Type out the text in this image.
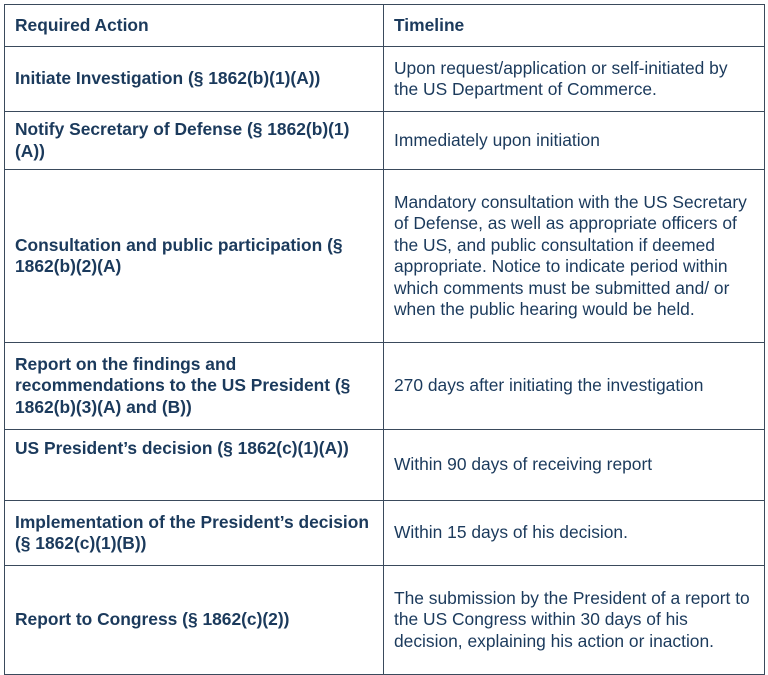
Required Action	Timeline
Initiate Investigation (§ 1862(b)(1)(A))	Upon request/application or self-initiated by the US Department of Commerce.
Notify Secretary of Defense (§ 1862(b)(1)(A))	Immediately upon initiation
Consultation and public participation (§ 1862(b)(2)(A)	Mandatory consultation with the US Secretary of Defense, as well as appropriate officers of the US, and public consultation if deemed appropriate. Notice to indicate period within which comments must be submitted and/ or when the public hearing would be held.
Report on the findings and recommendations to the US President (§ 1862(b)(3)(A) and (B))	270 days after initiating the investigation
US President’s decision (§ 1862(c)(1)(A))	Within 90 days of receiving report
Implementation of the President’s decision (§ 1862(c)(1)(B))	Within 15 days of his decision.
Report to Congress (§ 1862(c)(2))	The submission by the President of a report to the US Congress within 30 days of his decision, explaining his action or inaction.
